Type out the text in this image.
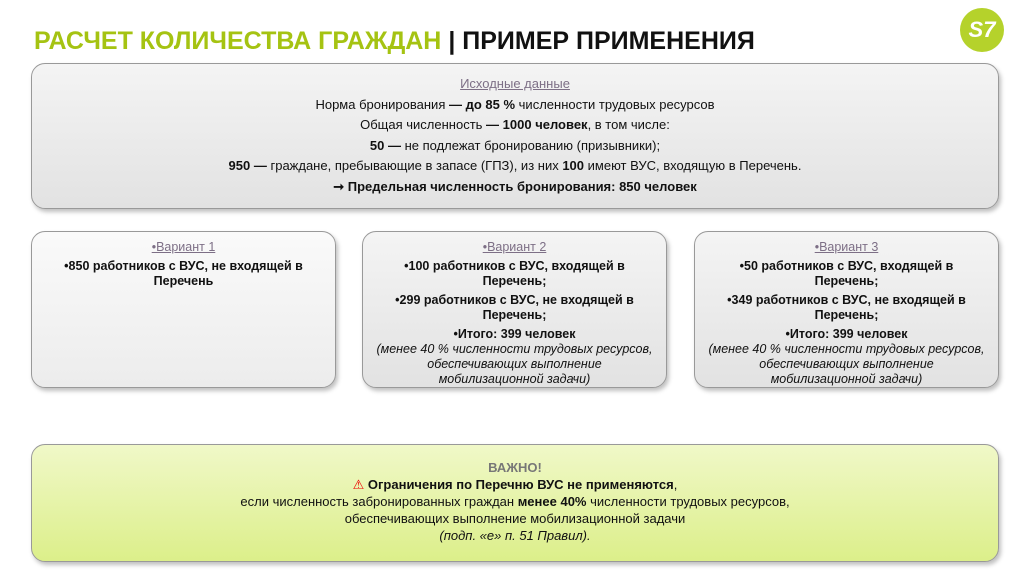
РАСЧЕТ КОЛИЧЕСТВА ГРАЖДАН | ПРИМЕР ПРИМЕНЕНИЯ	S7
Исходные данные
Норма бронирования — до 85 % численности трудовых ресурсов
Общая численность — 1000 человек, в том числе:
50 — не подлежат бронированию (призывники);
950 — граждане, пребывающие в запасе (ГПЗ), из них 100 имеют ВУС, входящую в Перечень.
➞ Предельная численность бронирования: 850 человек

•Вариант 1

•850 работников с ВУС, не входящей в Перечень

•Вариант 2

•100 работников с ВУС, входящей в Перечень;

•299 работников с ВУС, не входящей в Перечень;

•Итого: 399 человек

(менее 40 % численности трудовых ресурсов, обеспечивающих выполнение мобилизационной задачи)

•Вариант 3

•50 работников с ВУС, входящей в Перечень;

•349 работников с ВУС, не входящей в Перечень;

•Итого: 399 человек

(менее 40 % численности трудовых ресурсов, обеспечивающих выполнение мобилизационной задачи)

ВАЖНО!
⚠ Ограничения по Перечню ВУС не применяются,
если численность забронированных граждан менее 40% численности трудовых ресурсов,
обеспечивающих выполнение мобилизационной задачи
(подп. «е» п. 51 Правил).
